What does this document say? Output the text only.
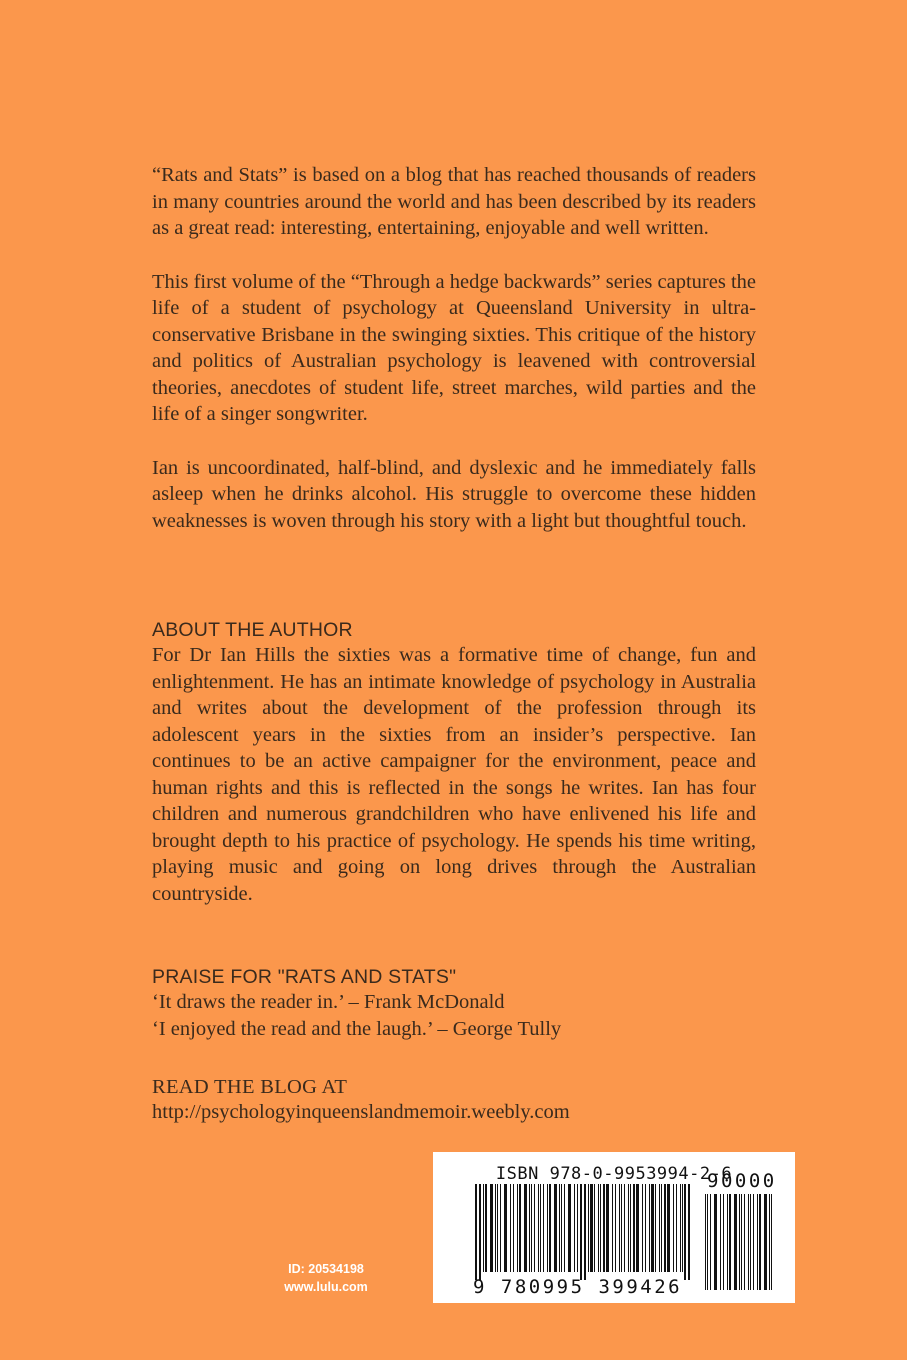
“Rats and Stats” is based on a blog that has reached thousands of readers in many countries around the world and has been described by its readers as a great read: interesting, entertaining, enjoyable and well written.

This first volume of the “Through a hedge backwards” series captures the life of a student of psychology at Queensland University in ultra-conservative Brisbane in the swinging sixties. This critique of the history and politics of Australian psychology is leavened with controversial theories, anecdotes of student life, street marches, wild parties and the life of a singer songwriter.

Ian is uncoordinated, half-blind, and dyslexic and he immediately falls asleep when he drinks alcohol. His struggle to overcome these hidden weaknesses is woven through his story with a light but thoughtful touch.

ABOUT THE AUTHOR

For Dr Ian Hills the sixties was a formative time of change, fun and enlightenment. He has an intimate knowledge of psychology in Australia and writes about the development of the profession through its adolescent years in the sixties from an insider’s perspective. Ian continues to be an active campaigner for the environment, peace and human rights and this is reflected in the songs he writes. Ian has four children and numerous grandchildren who have enlivened his life and brought depth to his practice of psychology. He spends his time writing, playing music and going on long drives through the Australian countryside.

PRAISE FOR "RATS AND STATS"

‘It draws the reader in.’ – Frank McDonald
‘I enjoyed the read and the laugh.’ – George Tully

READ THE BLOG AT

http://psychologyinqueenslandmemoir.weebly.com
ISBN 978-0-9953994-2-6
9 780995 399426
90000
ID: 20534198
www.lulu.com
